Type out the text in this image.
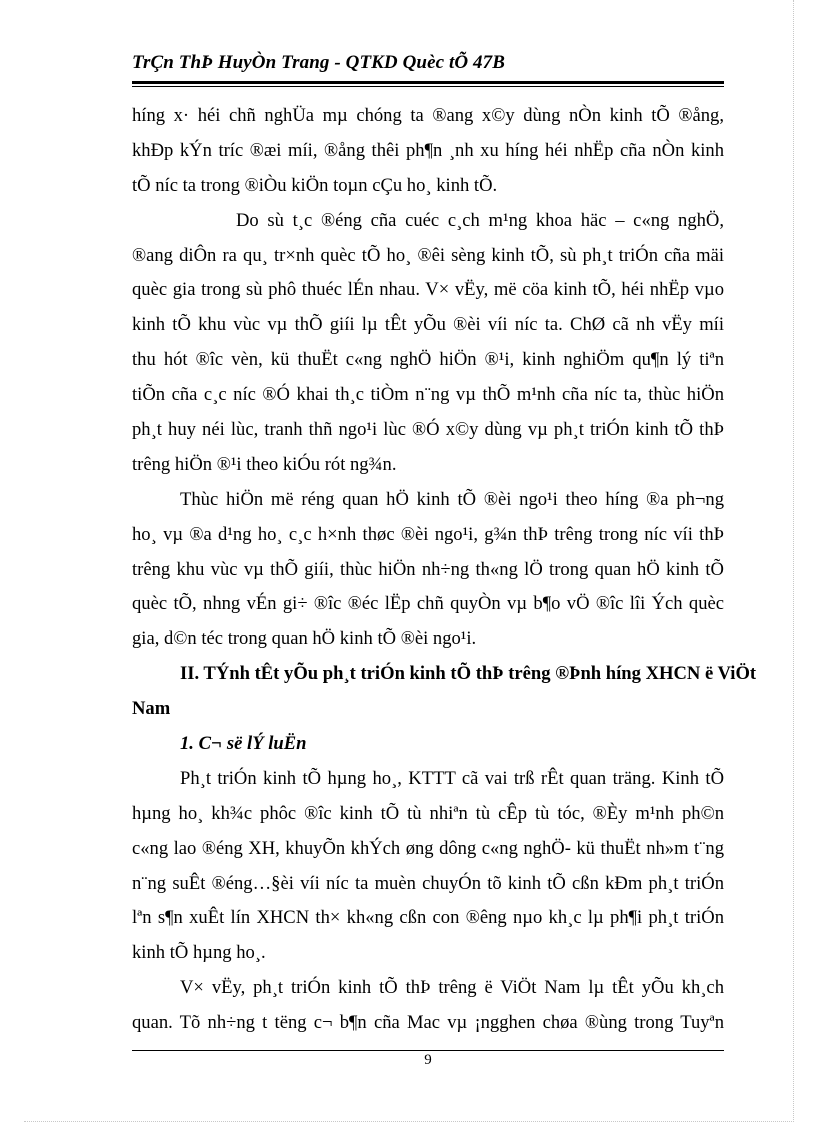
TrÇn ThÞ HuyÒn Trang - QTKD Quèc tÕ 47B
híng x· héi chñ nghÜa mµ chóng ta ®ang x©y dùng nÒn kinh tÕ ®ång,
khÐp kÝn tríc ®æi míi, ®ång thêi ph¶n ¸nh xu híng héi nhËp cña nÒn kinh
tÕ níc ta trong ®iÒu kiÖn toµn cÇu ho¸ kinh tÕ.
Do sù t¸c ®éng cña cuéc c¸ch m¹ng khoa häc – c«ng nghÖ,
®ang diÔn ra qu¸ tr×nh quèc tÕ ho¸ ®êi sèng kinh tÕ, sù ph¸t triÓn cña mäi
quèc gia trong sù phô thuéc lÉn nhau. V× vËy, më cöa kinh tÕ, héi nhËp vµo
kinh tÕ khu vùc vµ thÕ giíi lµ tÊt yÕu ®èi víi níc ta. ChØ cã nh vËy míi
thu hót ®îc vèn, kü thuËt c«ng nghÖ hiÖn ®¹i, kinh nghiÖm qu¶n lý tiªn
tiÕn cña c¸c níc ®Ó khai th¸c tiÒm n¨ng vµ thÕ m¹nh cña níc ta, thùc hiÖn
ph¸t huy néi lùc, tranh thñ ngo¹i lùc ®Ó x©y dùng vµ ph¸t triÓn kinh tÕ thÞ
trêng hiÖn ®¹i theo kiÓu rót ng¾n.
Thùc hiÖn më réng quan hÖ kinh tÕ ®èi ngo¹i theo híng ®a ph¬ng
ho¸ vµ ®a d¹ng ho¸ c¸c h×nh thøc ®èi ngo¹i, g¾n thÞ trêng trong níc víi thÞ
trêng khu vùc vµ thÕ giíi, thùc hiÖn nh÷ng th«ng lÖ trong quan hÖ kinh tÕ
quèc tÕ, nhng vÉn gi÷ ®îc ®éc lËp chñ quyÒn vµ b¶o vÖ ®îc lîi Ých quèc
gia, d©n téc trong quan hÖ kinh tÕ ®èi ngo¹i.
II. TÝnh tÊt yÕu ph¸t triÓn kinh tÕ thÞ trêng ®Þnh híng XHCN ë ViÖt
Nam
1. C¬ së lÝ luËn
Ph¸t triÓn kinh tÕ hµng ho¸, KTTT cã vai trß rÊt quan träng. Kinh tÕ
hµng ho¸ kh¾c phôc ®îc kinh tÕ tù nhiªn tù cÊp tù tóc, ®Èy m¹nh ph©n
c«ng lao ®éng XH, khuyÕn khÝch øng dông c«ng nghÖ- kü thuËt nh»m t¨ng
n¨ng suÊt ®éng…§èi víi níc ta muèn chuyÓn tõ kinh tÕ cßn kÐm ph¸t triÓn
lªn s¶n xuÊt lín XHCN th× kh«ng cßn con ®êng nµo kh¸c lµ ph¶i ph¸t triÓn
kinh tÕ hµng ho¸.
V× vËy, ph¸t triÓn kinh tÕ thÞ trêng ë ViÖt Nam lµ tÊt yÕu kh¸ch
quan. Tõ nh÷ng t tëng c¬ b¶n cña Mac vµ ¡ngghen chøa ®ùng trong Tuyªn
9
